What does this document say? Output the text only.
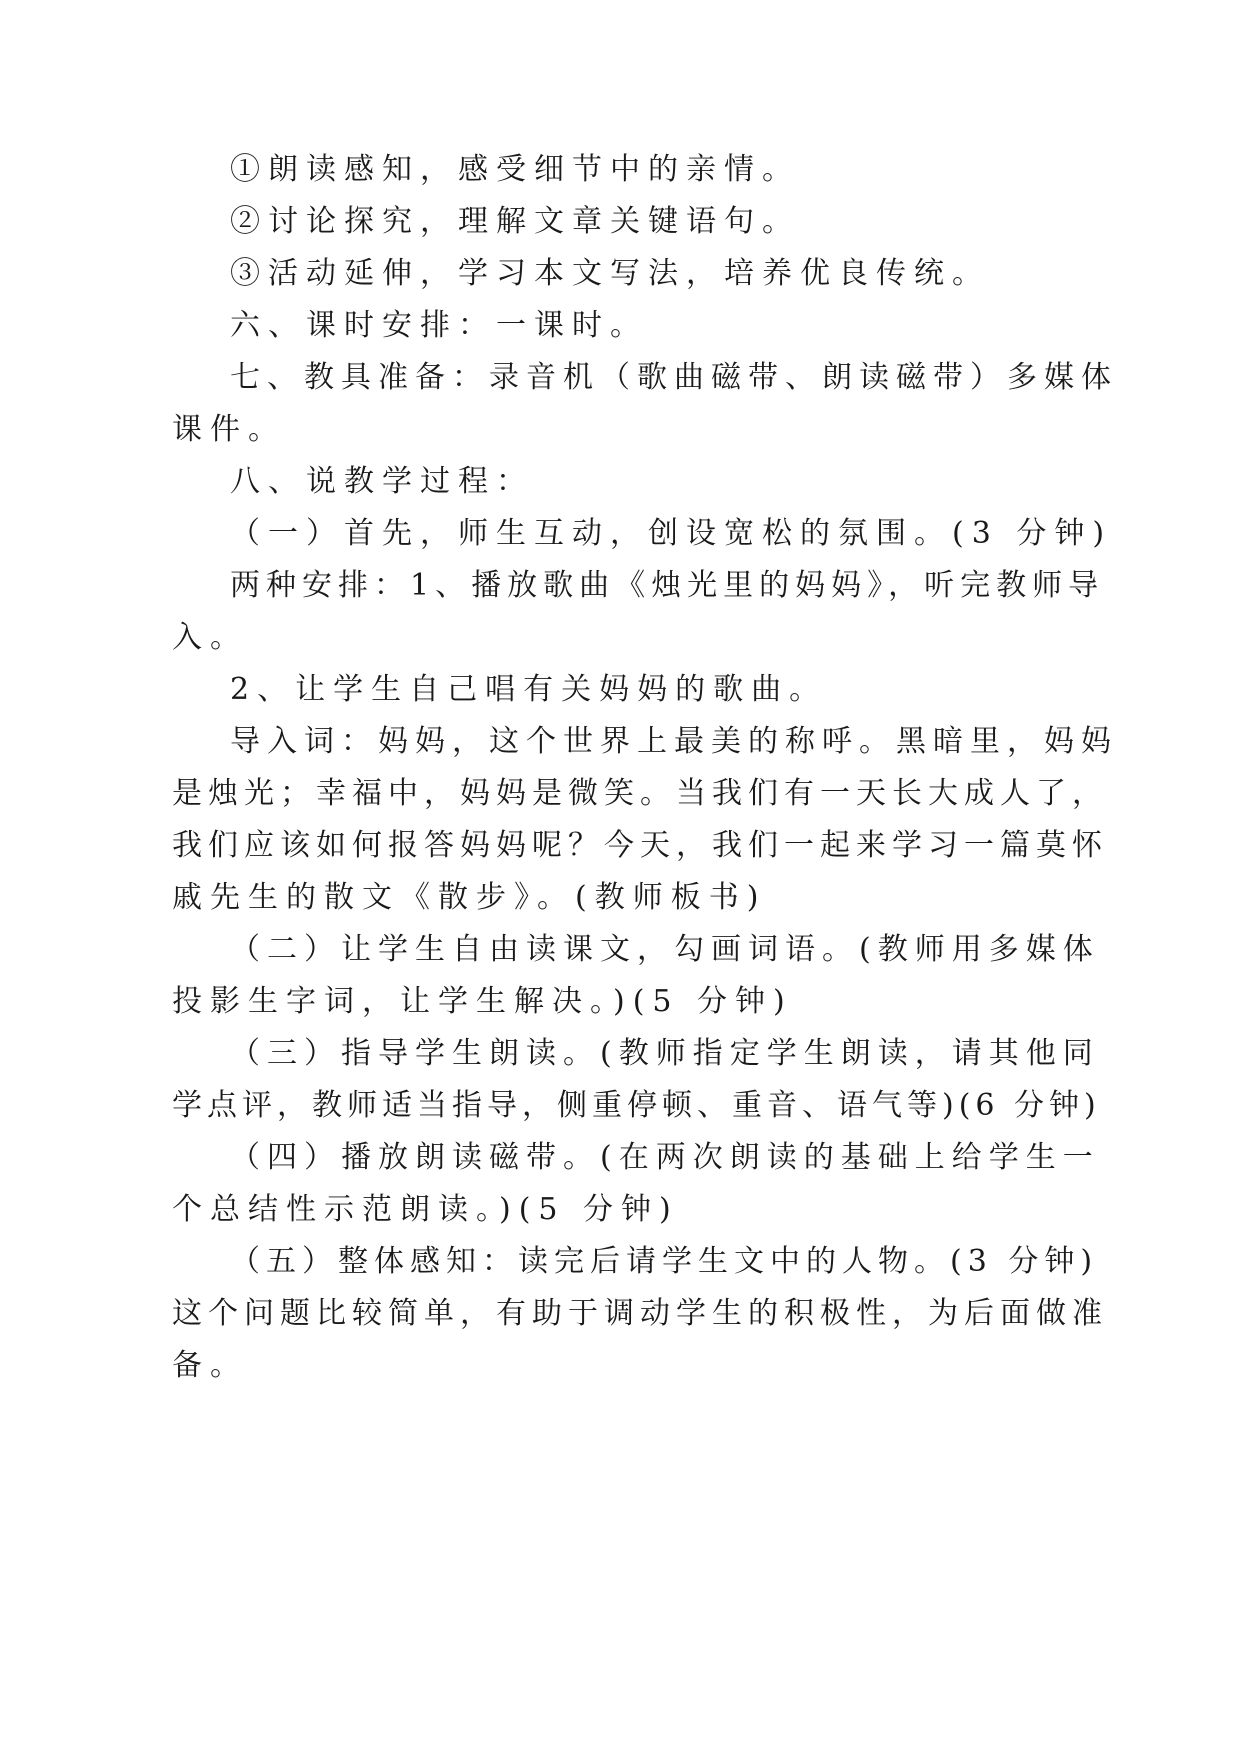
①朗读感知，感受细节中的亲情。
②讨论探究，理解文章关键语句。
③活动延伸，学习本文写法，培养优良传统。
六、课时安排：一课时。
七、教具准备：录音机（歌曲磁带、朗读磁带）多媒体
课件。
八、说教学过程：
（一）首先，师生互动，创设宽松的氛围。(3 分钟)
两种安排：1、播放歌曲《烛光里的妈妈》，听完教师导
入。
2、让学生自己唱有关妈妈的歌曲。
导入词：妈妈，这个世界上最美的称呼。黑暗里，妈妈
是烛光；幸福中，妈妈是微笑。当我们有一天长大成人了，
我们应该如何报答妈妈呢？今天，我们一起来学习一篇莫怀
戚先生的散文《散步》。(教师板书)
（二）让学生自由读课文，勾画词语。(教师用多媒体
投影生字词，让学生解决。)(5 分钟)
（三）指导学生朗读。(教师指定学生朗读，请其他同
学点评，教师适当指导，侧重停顿、重音、语气等)(6 分钟)
（四）播放朗读磁带。(在两次朗读的基础上给学生一
个总结性示范朗读。)(5 分钟)
（五）整体感知：读完后请学生文中的人物。(3 分钟)
这个问题比较简单，有助于调动学生的积极性，为后面做准
备。
